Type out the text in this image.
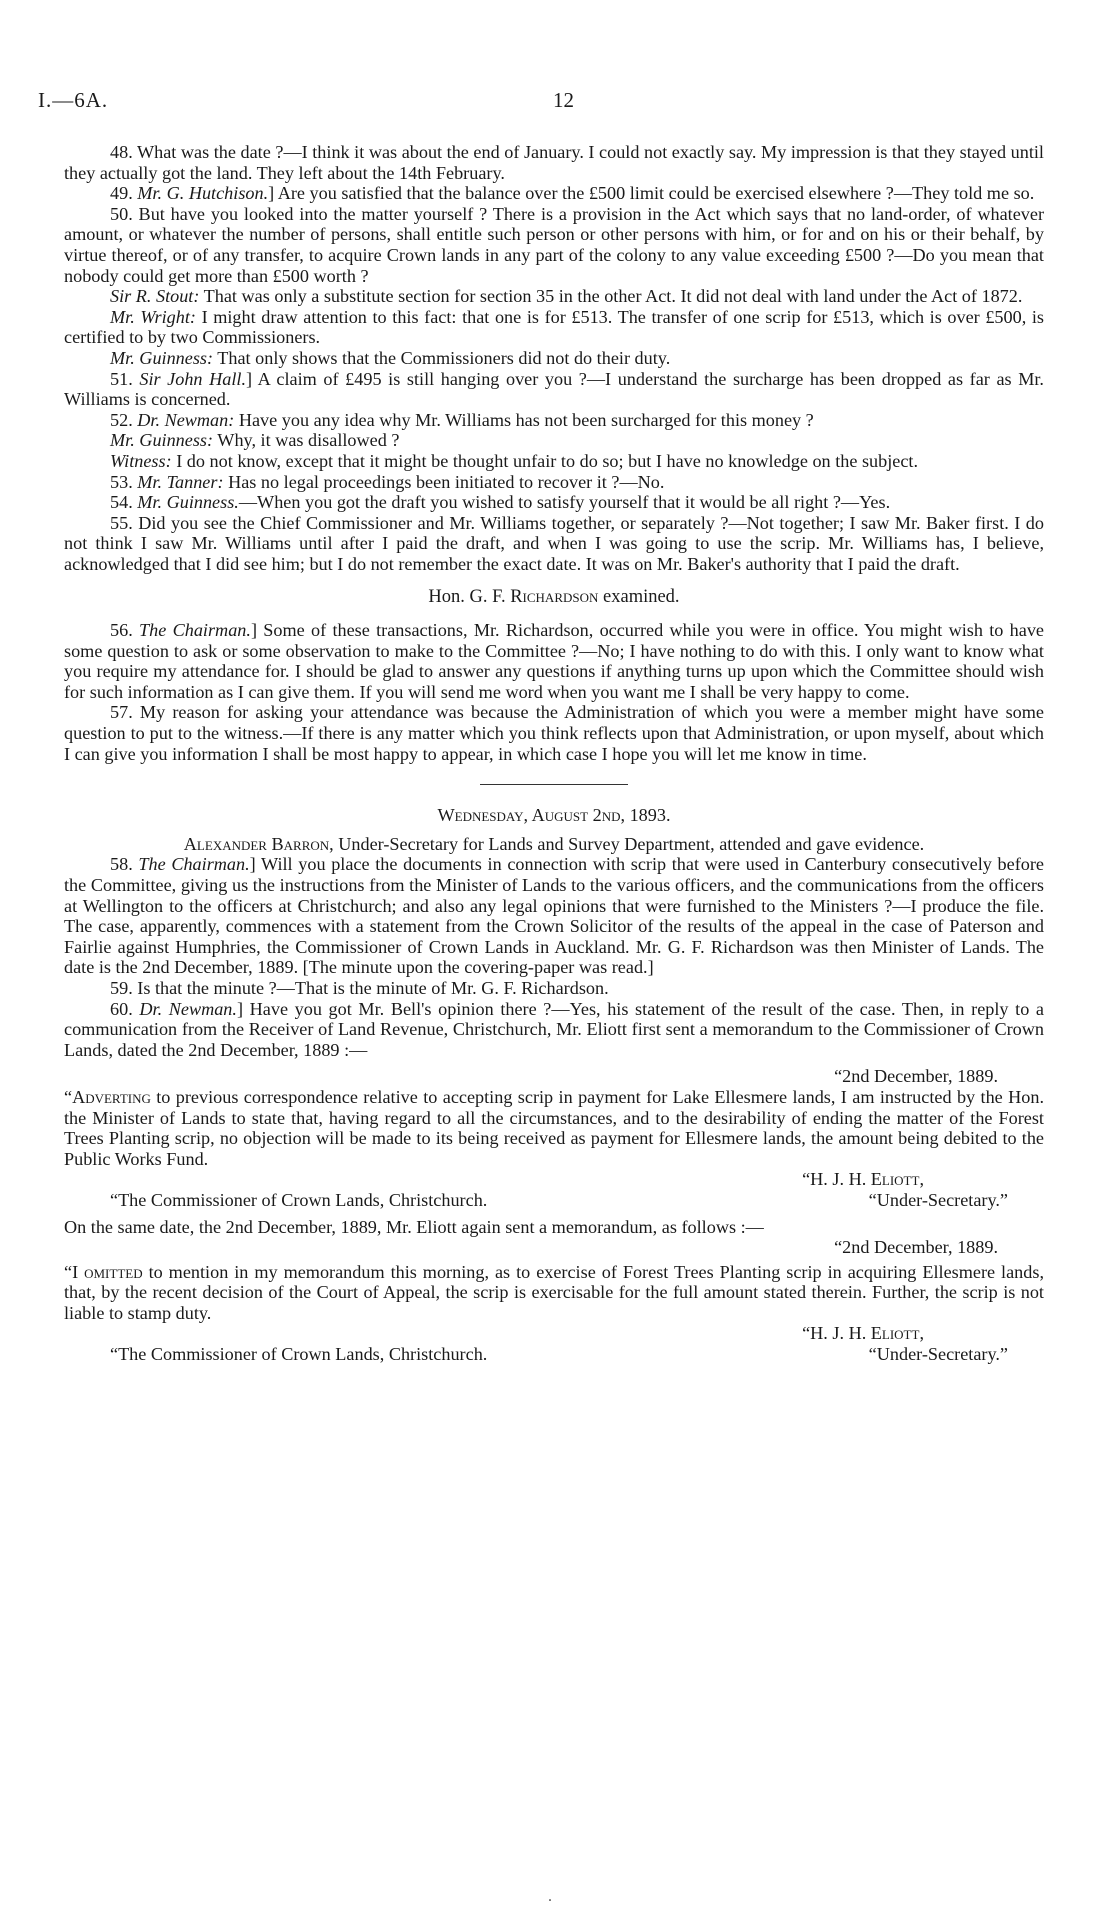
I.—6A.	12

48. What was the date ?—I think it was about the end of January. I could not exactly say. My impression is that they stayed until they actually got the land. They left about the 14th February.

49. Mr. G. Hutchison.] Are you satisfied that the balance over the £500 limit could be exercised elsewhere ?—They told me so.

50. But have you looked into the matter yourself ? There is a provision in the Act which says that no land-order, of whatever amount, or whatever the number of persons, shall entitle such person or other persons with him, or for and on his or their behalf, by virtue thereof, or of any transfer, to acquire Crown lands in any part of the colony to any value exceeding £500 ?—Do you mean that nobody could get more than £500 worth ?

Sir R. Stout: That was only a substitute section for section 35 in the other Act. It did not deal with land under the Act of 1872.

Mr. Wright: I might draw attention to this fact: that one is for £513. The transfer of one scrip for £513, which is over £500, is certified to by two Commissioners.

Mr. Guinness: That only shows that the Commissioners did not do their duty.

51. Sir John Hall.] A claim of £495 is still hanging over you ?—I understand the surcharge has been dropped as far as Mr. Williams is concerned.

52. Dr. Newman: Have you any idea why Mr. Williams has not been surcharged for this money ?

Mr. Guinness: Why, it was disallowed ?

Witness: I do not know, except that it might be thought unfair to do so; but I have no knowledge on the subject.

53. Mr. Tanner: Has no legal proceedings been initiated to recover it ?—No.

54. Mr. Guinness.—When you got the draft you wished to satisfy yourself that it would be all right ?—Yes.

55. Did you see the Chief Commissioner and Mr. Williams together, or separately ?—Not together; I saw Mr. Baker first. I do not think I saw Mr. Williams until after I paid the draft, and when I was going to use the scrip. Mr. Williams has, I believe, acknowledged that I did see him; but I do not remember the exact date. It was on Mr. Baker's authority that I paid the draft.

Hon. G. F. Richardson examined.

56. The Chairman.] Some of these transactions, Mr. Richardson, occurred while you were in office. You might wish to have some question to ask or some observation to make to the Committee ?—No; I have nothing to do with this. I only want to know what you require my attendance for. I should be glad to answer any questions if anything turns up upon which the Committee should wish for such information as I can give them. If you will send me word when you want me I shall be very happy to come.

57. My reason for asking your attendance was because the Administration of which you were a member might have some question to put to the witness.—If there is any matter which you think reflects upon that Administration, or upon myself, about which I can give you information I shall be most happy to appear, in which case I hope you will let me know in time.

Wednesday, August 2nd, 1893.

Alexander Barron, Under-Secretary for Lands and Survey Department, attended and gave evidence.

58. The Chairman.] Will you place the documents in connection with scrip that were used in Canterbury consecutively before the Committee, giving us the instructions from the Minister of Lands to the various officers, and the communications from the officers at Wellington to the officers at Christchurch; and also any legal opinions that were furnished to the Ministers ?—I produce the file. The case, apparently, commences with a statement from the Crown Solicitor of the results of the appeal in the case of Paterson and Fairlie against Humphries, the Commissioner of Crown Lands in Auckland. Mr. G. F. Richardson was then Minister of Lands. The date is the 2nd December, 1889. [The minute upon the covering-paper was read.]

59. Is that the minute ?—That is the minute of Mr. G. F. Richardson.

60. Dr. Newman.] Have you got Mr. Bell's opinion there ?—Yes, his statement of the result of the case. Then, in reply to a communication from the Receiver of Land Revenue, Christchurch, Mr. Eliott first sent a memorandum to the Commissioner of Crown Lands, dated the 2nd December, 1889 :—

“2nd December, 1889.

“Adverting to previous correspondence relative to accepting scrip in payment for Lake Ellesmere lands, I am instructed by the Hon. the Minister of Lands to state that, having regard to all the circumstances, and to the desirability of ending the matter of the Forest Trees Planting scrip, no objection will be made to its being received as payment for Ellesmere lands, the amount being debited to the Public Works Fund.

“H. J. H. Eliott,

“The Commissioner of Crown Lands, Christchurch.	“Under-Secretary.”

On the same date, the 2nd December, 1889, Mr. Eliott again sent a memorandum, as follows :—

“2nd December, 1889.

“I omitted to mention in my memorandum this morning, as to exercise of Forest Trees Planting scrip in acquiring Ellesmere lands, that, by the recent decision of the Court of Appeal, the scrip is exercisable for the full amount stated therein. Further, the scrip is not liable to stamp duty.

“H. J. H. Eliott,

“The Commissioner of Crown Lands, Christchurch.	“Under-Secretary.”
.
